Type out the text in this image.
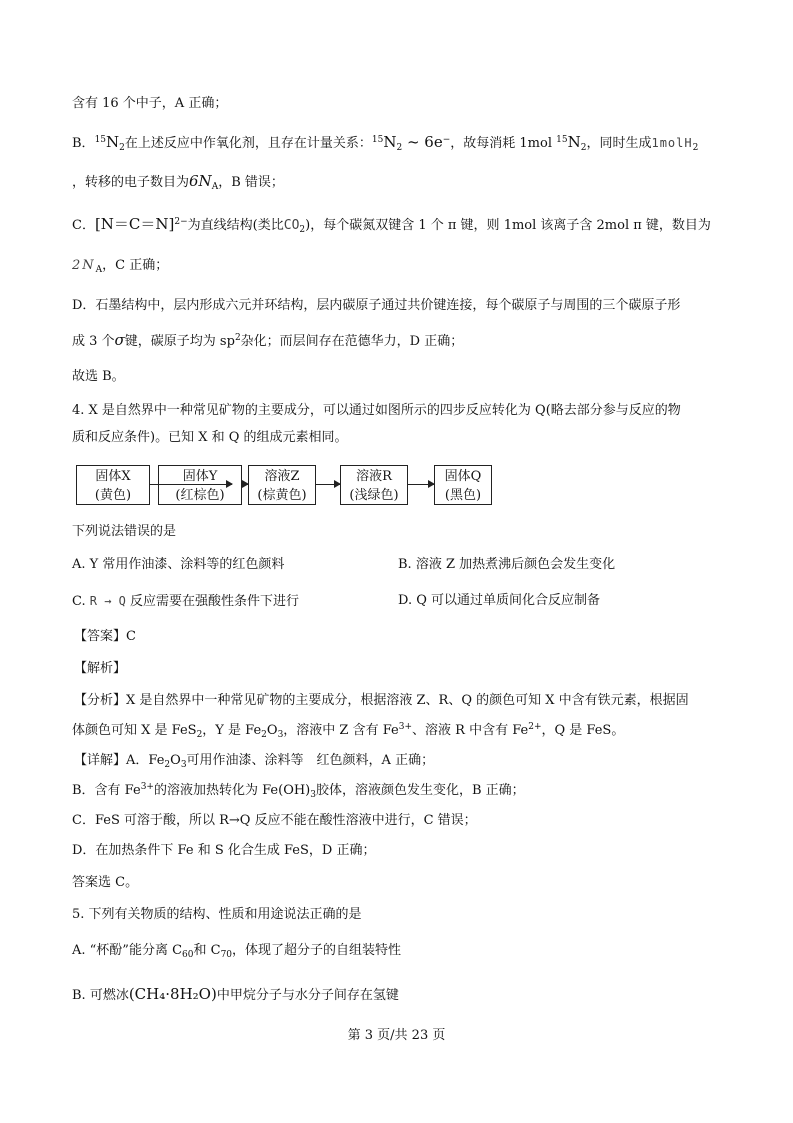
含有 16 个中子，A 正确；
B．$^{15}N_2$在上述反应中作氧化剂，且存在计量关系：$^{15}N_2$ ~ 6e−，故每消耗 1mol $^{15}N_2$，同时生成1molH$_2$
，转移的电子数目为$6N_A$，B 错误；
C．[N＝C＝N]$^{2-}$为直线结构(类比$CO_2$)，每个碳氮双键含 1 个 π 键，则 1mol 该离子含 2mol π 键，数目为
$2N_A$，C 正确；
D．石墨结构中，层内形成六元并环结构，层内碳原子通过共价键连接，每个碳原子与周围的三个碳原子形
成 3 个σ键，碳原子均为 $sp^2$杂化；而层间存在范德华力，D 正确；
故选 B。
4. X 是自然界中一种常见矿物的主要成分，可以通过如图所示的四步反应转化为 Q(略去部分参与反应的物
质和反应条件)。已知 X 和 Q 的组成元素相同。
固体X
(黄色)
固体Y
(红棕色)
溶液Z
(棕黄色)
溶液R
(浅绿色)
固体Q
(黑色)
下列说法错误的是
A. Y 常用作油漆、涂料等的红色颜料	B. 溶液 Z 加热煮沸后颜色会发生变化
C. R → Q 反应需要在强酸性条件下进行	D. Q 可以通过单质间化合反应制备
【答案】C
【解析】
【分析】X 是自然界中一种常见矿物的主要成分，根据溶液 Z、R、Q 的颜色可知 X 中含有铁元素，根据固
体颜色可知 X 是 FeS$_2$，Y 是 $Fe_2O_3$，溶液中 Z 含有 $Fe^{3+}$、溶液 R 中含有 $Fe^{2+}$，Q 是 FeS。
【详解】A．$Fe_2O_3$可用作油漆、涂料等　红色颜料，A 正确；
B．含有 $Fe^{3+}$的溶液加热转化为 $Fe(OH)_3$胶体，溶液颜色发生变化，B 正确；
C．FeS 可溶于酸，所以 R→Q 反应不能在酸性溶液中进行，C 错误；
D．在加热条件下 Fe 和 S 化合生成 FeS，D 正确；
答案选 C。
5. 下列有关物质的结构、性质和用途说法正确的是
A. “杯酚”能分离 $C_{60}$和 $C_{70}$，体现了超分子的自组装特性
B. 可燃冰(CH₄·8H₂O)中甲烷分子与水分子间存在氢键
第 3 页/共 23 页
